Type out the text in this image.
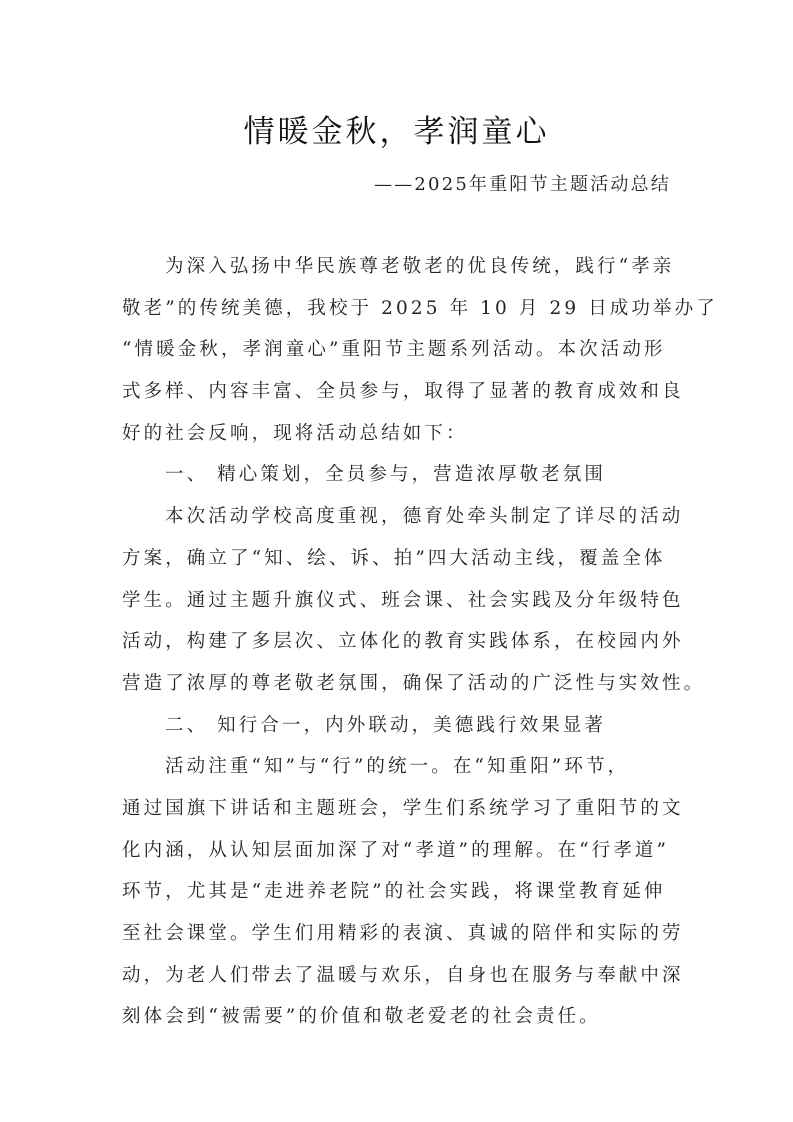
情暖金秋，孝润童心
——2025年重阳节主题活动总结
为深入弘扬中华民族尊老敬老的优良传统，践行“孝亲
敬老”的传统美德，我校于 2025 年 10 月 29 日成功举办了
“情暖金秋，孝润童心”重阳节主题系列活动。本次活动形
式多样、内容丰富、全员参与，取得了显著的教育成效和良
好的社会反响，现将活动总结如下：
一、 精心策划，全员参与，营造浓厚敬老氛围
本次活动学校高度重视，德育处牵头制定了详尽的活动
方案，确立了“知、绘、诉、拍”四大活动主线，覆盖全体
学生。通过主题升旗仪式、班会课、社会实践及分年级特色
活动，构建了多层次、立体化的教育实践体系，在校园内外
营造了浓厚的尊老敬老氛围，确保了活动的广泛性与实效性。
二、 知行合一，内外联动，美德践行效果显著
活动注重“知”与“行”的统一。在“知重阳”环节，
通过国旗下讲话和主题班会，学生们系统学习了重阳节的文
化内涵，从认知层面加深了对“孝道”的理解。在“行孝道”
环节，尤其是“走进养老院”的社会实践，将课堂教育延伸
至社会课堂。学生们用精彩的表演、真诚的陪伴和实际的劳
动，为老人们带去了温暖与欢乐，自身也在服务与奉献中深
刻体会到“被需要”的价值和敬老爱老的社会责任。
